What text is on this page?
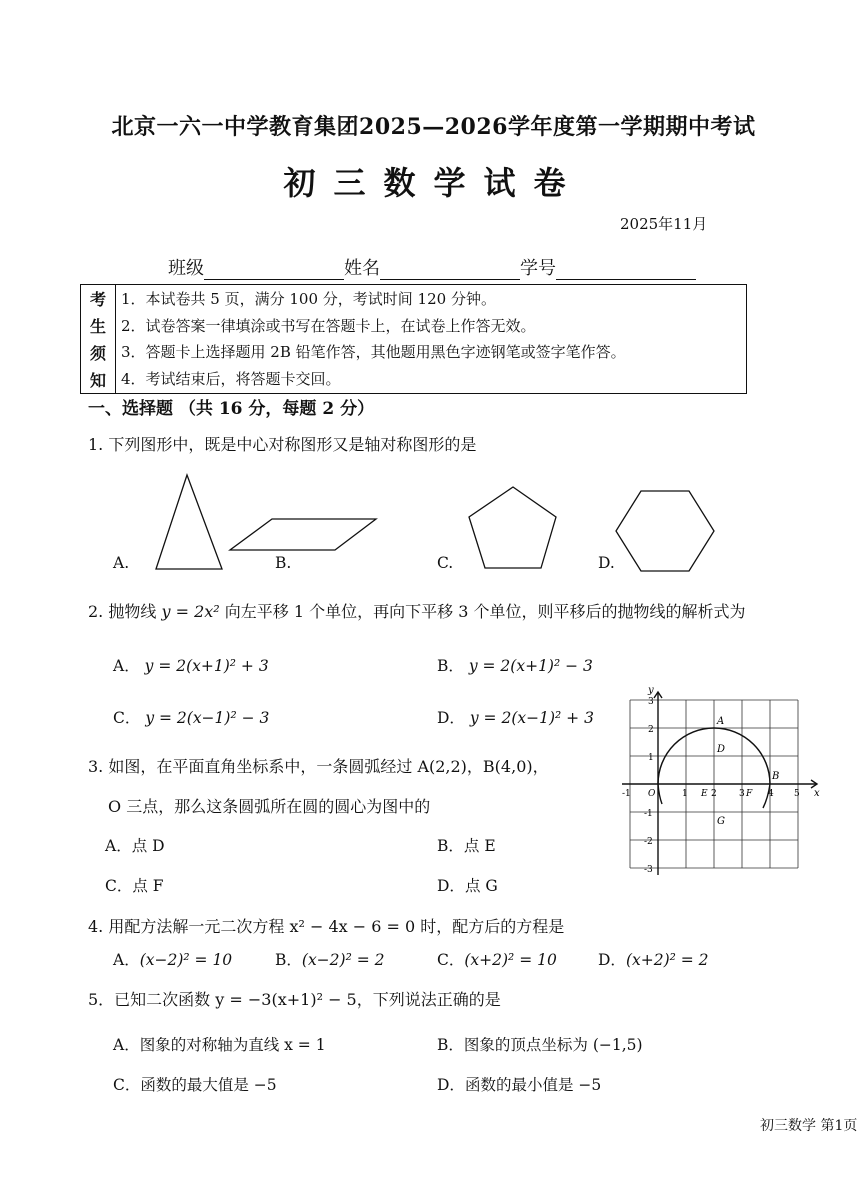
北京一六一中学教育集团2025—2026学年度第一学期期中考试
初三数学试卷
2025年11月
班级	姓名	学号
考
生
须
知
1．本试卷共 5 页，满分 100 分，考试时间 120 分钟。
2．试卷答案一律填涂或书写在答题卡上，在试卷上作答无效。
3．答题卡上选择题用 2B 铅笔作答，其他题用黑色字迹钢笔或签字笔作答。
4．考试结束后，将答题卡交回。
一、选择题 （共 16 分，每题 2 分）
1. 下列图形中，既是中心对称图形又是轴对称图形的是
A.	B.	C.	D.
2. 抛物线 y = 2x² 向左平移 1 个单位，再向下平移 3 个单位，则平移后的抛物线的解析式为
A． y = 2(x+1)² + 3	B． y = 2(x+1)² − 3
C． y = 2(x−1)² − 3	D． y = 2(x−1)² + 3
3. 如图，在平面直角坐标系中，一条圆弧经过 A(2,2)，B(4,0)，
O 三点，那么这条圆弧所在圆的圆心为图中的
A．点 D	B．点 E
C．点 F	D．点 G
x
y
-1 O	1 E 2 3 F 4 5
3
2
1
-1
-2
-3
A
B
D
G
4. 用配方法解一元二次方程 x² − 4x − 6 = 0 时，配方后的方程是
A．(x−2)² = 10	B．(x−2)² = 2	C．(x+2)² = 10	D．(x+2)² = 2
5．已知二次函数 y = −3(x+1)² − 5，下列说法正确的是
A．图象的对称轴为直线 x = 1	B．图象的顶点坐标为 (−1,5)
C．函数的最大值是 −5	D．函数的最小值是 −5
初三数学 第1页
